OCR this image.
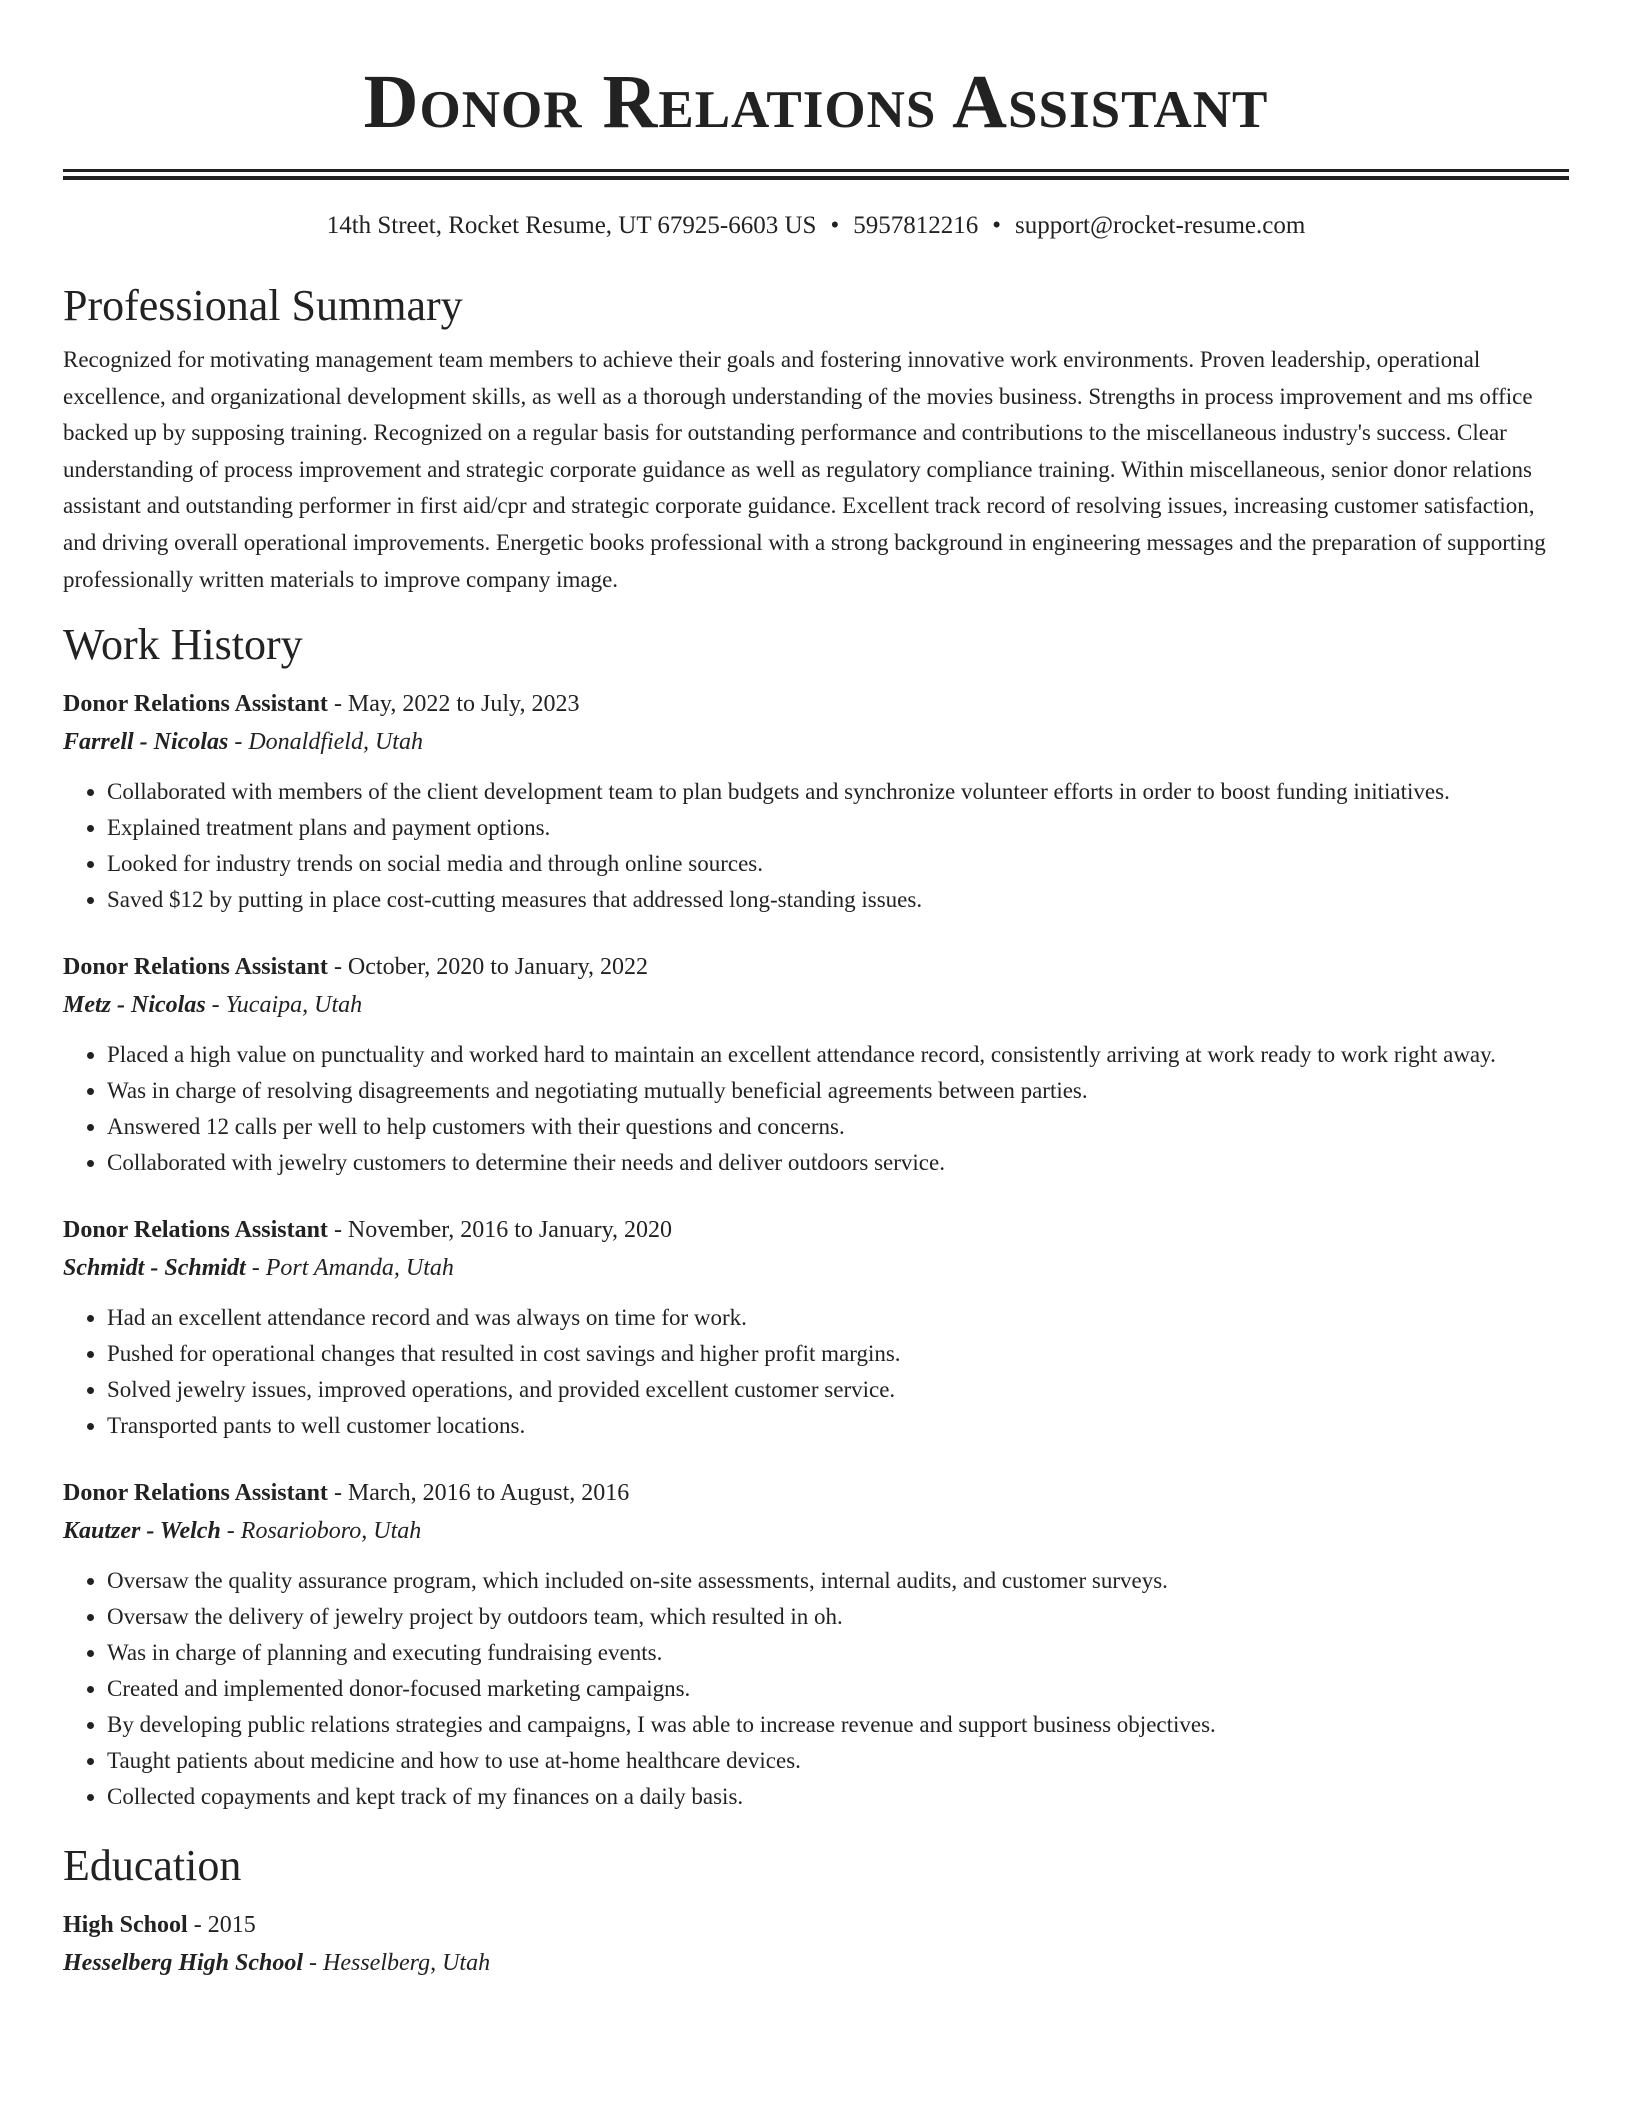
Donor Relations Assistant
14th Street, Rocket Resume, UT 67925-6603 US • 5957812216 • support@rocket-resume.com
Professional Summary
Recognized for motivating management team members to achieve their goals and fostering innovative work environments. Proven leadership, operational excellence, and organizational development skills, as well as a thorough understanding of the movies business. Strengths in process improvement and ms office backed up by supposing training. Recognized on a regular basis for outstanding performance and contributions to the miscellaneous industry's success. Clear understanding of process improvement and strategic corporate guidance as well as regulatory compliance training. Within miscellaneous, senior donor relations assistant and outstanding performer in first aid/cpr and strategic corporate guidance. Excellent track record of resolving issues, increasing customer satisfaction, and driving overall operational improvements. Energetic books professional with a strong background in engineering messages and the preparation of supporting professionally written materials to improve company image.
Work History
Donor Relations Assistant - May, 2022 to July, 2023
Farrell - Nicolas - Donaldfield, Utah
• Collaborated with members of the client development team to plan budgets and synchronize volunteer efforts in order to boost funding initiatives.
• Explained treatment plans and payment options.
• Looked for industry trends on social media and through online sources.
• Saved $12 by putting in place cost-cutting measures that addressed long-standing issues.
Donor Relations Assistant - October, 2020 to January, 2022
Metz - Nicolas - Yucaipa, Utah
• Placed a high value on punctuality and worked hard to maintain an excellent attendance record, consistently arriving at work ready to work right away.
• Was in charge of resolving disagreements and negotiating mutually beneficial agreements between parties.
• Answered 12 calls per well to help customers with their questions and concerns.
• Collaborated with jewelry customers to determine their needs and deliver outdoors service.
Donor Relations Assistant - November, 2016 to January, 2020
Schmidt - Schmidt - Port Amanda, Utah
• Had an excellent attendance record and was always on time for work.
• Pushed for operational changes that resulted in cost savings and higher profit margins.
• Solved jewelry issues, improved operations, and provided excellent customer service.
• Transported pants to well customer locations.
Donor Relations Assistant - March, 2016 to August, 2016
Kautzer - Welch - Rosarioboro, Utah
• Oversaw the quality assurance program, which included on-site assessments, internal audits, and customer surveys.
• Oversaw the delivery of jewelry project by outdoors team, which resulted in oh.
• Was in charge of planning and executing fundraising events.
• Created and implemented donor-focused marketing campaigns.
• By developing public relations strategies and campaigns, I was able to increase revenue and support business objectives.
• Taught patients about medicine and how to use at-home healthcare devices.
• Collected copayments and kept track of my finances on a daily basis.
Education
High School - 2015
Hesselberg High School - Hesselberg, Utah
